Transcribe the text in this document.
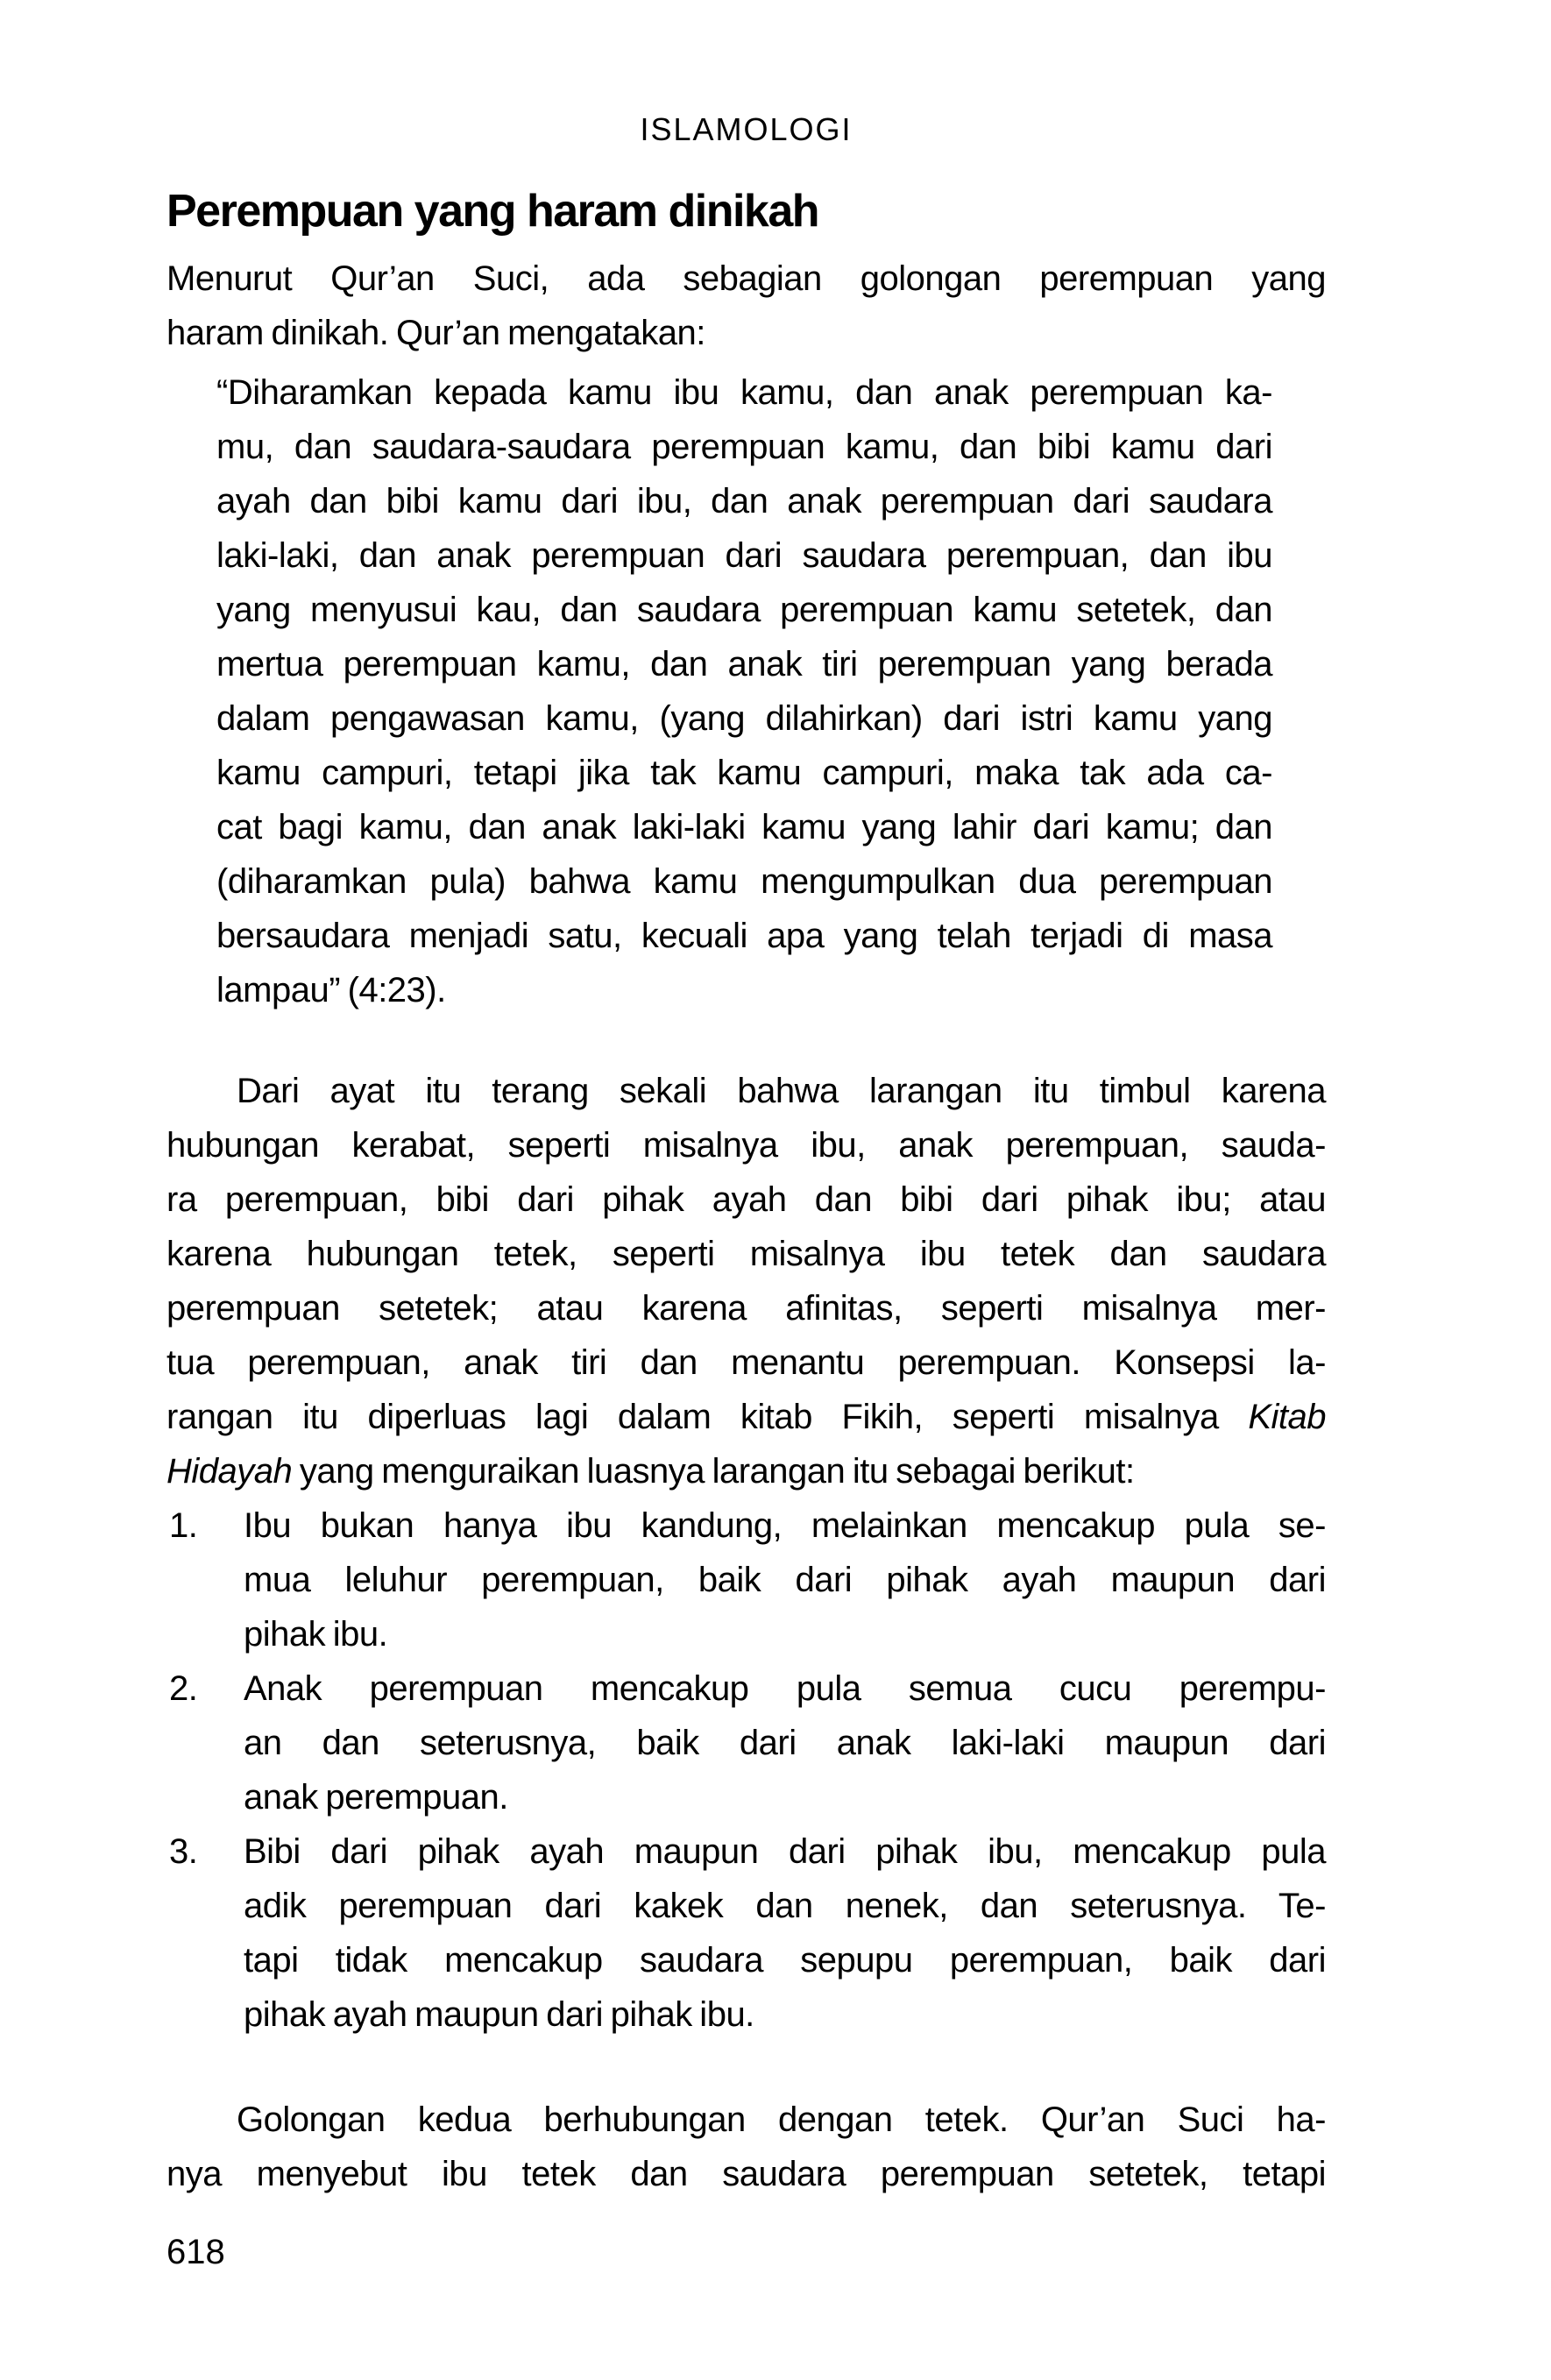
ISLAMOLOGI
Perempuan yang haram dinikah
Menurut Qur’an Suci, ada sebagian golongan perempuan yang
haram dinikah. Qur’an mengatakan:
“Diharamkan kepada kamu ibu kamu, dan anak perempuan ka-
mu, dan saudara-saudara perempuan kamu, dan bibi kamu dari
ayah dan bibi kamu dari ibu, dan anak perempuan dari saudara
laki-laki, dan anak perempuan dari saudara perempuan, dan ibu
yang menyusui kau, dan saudara perempuan kamu setetek, dan
mertua perempuan kamu, dan anak tiri perempuan yang berada
dalam pengawasan kamu, (yang dilahirkan) dari istri kamu yang
kamu campuri, tetapi jika tak kamu campuri, maka tak ada ca-
cat bagi kamu, dan anak laki-laki kamu yang lahir dari kamu; dan
(diharamkan pula) bahwa kamu mengumpulkan dua perempuan
bersaudara menjadi satu, kecuali apa yang telah terjadi di masa
lampau” (4:23).
Dari ayat itu terang sekali bahwa larangan itu timbul karena
hubungan kerabat, seperti misalnya ibu, anak perempuan, sauda-
ra perempuan, bibi dari pihak ayah dan bibi dari pihak ibu; atau
karena hubungan tetek, seperti misalnya ibu tetek dan saudara
perempuan setetek; atau karena afinitas, seperti misalnya mer-
tua perempuan, anak tiri dan menantu perempuan. Konsepsi la-
rangan itu diperluas lagi dalam kitab Fikih, seperti misalnya Kitab
Hidayah yang menguraikan luasnya larangan itu sebagai berikut:
1. Ibu bukan hanya ibu kandung, melainkan mencakup pula se-
mua leluhur perempuan, baik dari pihak ayah maupun dari
pihak ibu.
2. Anak perempuan mencakup pula semua cucu perempu-
an dan seterusnya, baik dari anak laki-laki maupun dari
anak perempuan.
3. Bibi dari pihak ayah maupun dari pihak ibu, mencakup pula
adik perempuan dari kakek dan nenek, dan seterusnya. Te-
tapi tidak mencakup saudara sepupu perempuan, baik dari
pihak ayah maupun dari pihak ibu.
Golongan kedua berhubungan dengan tetek. Qur’an Suci ha-
nya menyebut ibu tetek dan saudara perempuan setetek, tetapi
618
